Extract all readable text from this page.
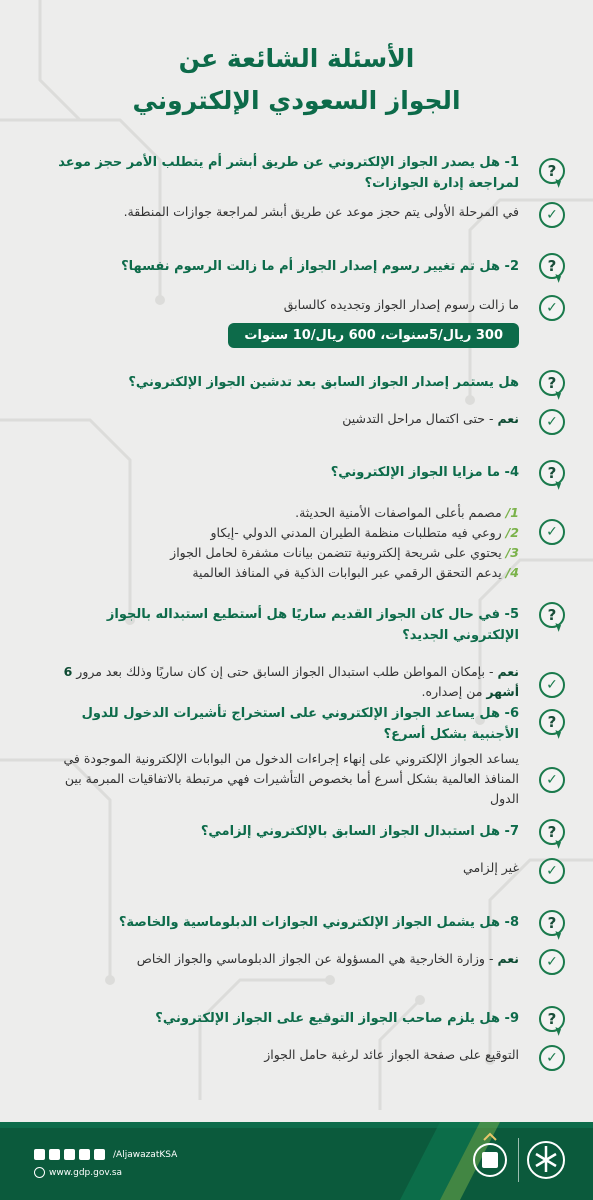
الأسئلة الشائعة عن
الجواز السعودي الإلكتروني
?
1- هل يصدر الجواز الإلكتروني عن طريق أبشر أم يتطلب الأمر حجز موعد لمراجعة إدارة الجوازات؟
✓
في المرحلة الأولى يتم حجز موعد عن طريق أبشر لمراجعة جوازات المنطقة.
?
2- هل تم تغيير رسوم إصدار الجواز أم ما زالت الرسوم نفسها؟
✓
ما زالت رسوم إصدار الجواز وتجديده كالسابق
300 ريال/5سنوات، 600 ريال/10 سنوات
?
هل يستمر إصدار الجواز السابق بعد تدشين الجواز الإلكتروني؟
✓
نعم - حتى اكتمال مراحل التدشين
?
4- ما مزايا الجواز الإلكتروني؟
✓
1/مصمم بأعلى المواصفات الأمنية الحديثة.
2/روعي فيه متطلبات منظمة الطيران المدني الدولي -إيكاو
3/يحتوي على شريحة إلكترونية تتضمن بيانات مشفرة لحامل الجواز
4/يدعم التحقق الرقمي عبر البوابات الذكية في المنافذ العالمية
?
5- في حال كان الجواز القديم ساريًا هل أستطيع استبداله بالجواز الإلكتروني الجديد؟
✓
نعم - بإمكان المواطن طلب استبدال الجواز السابق حتى إن كان ساريًا وذلك بعد مرور 6 أشهر من إصداره.
?
6- هل يساعد الجواز الإلكتروني على استخراج تأشيرات الدخول للدول الأجنبية بشكل أسرع؟
✓
يساعد الجواز الإلكتروني على إنهاء إجراءات الدخول من البوابات الإلكترونية الموجودة في المنافذ العالمية بشكل أسرع أما بخصوص التأشيرات فهي مرتبطة بالاتفاقيات المبرمة بين الدول
?
7- هل استبدال الجواز السابق بالإلكتروني إلزامي؟
✓
غير إلزامي
?
8- هل يشمل الجواز الإلكتروني الجوازات الدبلوماسية والخاصة؟
✓
نعم - وزارة الخارجية هي المسؤولة عن الجواز الدبلوماسي والجواز الخاص
?
9- هل يلزم صاحب الجواز التوقيع على الجواز الإلكتروني؟
✓
التوقيع على صفحة الجواز عائد لرغبة حامل الجواز
/AljawazatKSA
www.gdp.gov.sa
